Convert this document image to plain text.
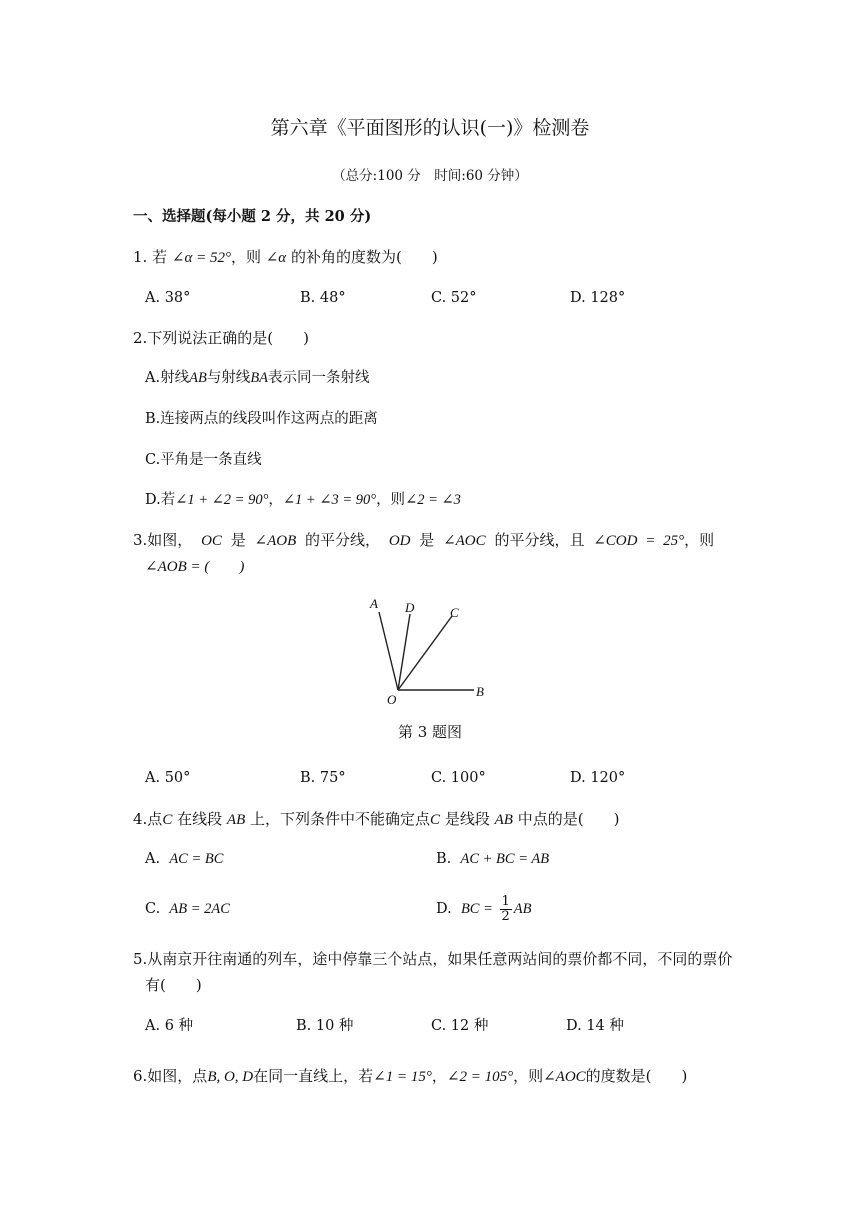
第六章《平面图形的认识(一)》检测卷
（总分:100 分　时间:60 分钟）
一、选择题(每小题 2 分，共 20 分)
1. 若 ∠α = 52°，则 ∠α 的补角的度数为(　　)
A. 38°	B. 48°	C. 52°	D. 128°
2.下列说法正确的是(　　)
A.射线AB与射线BA表示同一条射线
B.连接两点的线段叫作这两点的距离
C.平角是一条直线
D.若∠1 + ∠2 = 90°，∠1 + ∠3 = 90°，则∠2 = ∠3
3.如图， OC 是 ∠AOB 的平分线， OD 是 ∠AOC 的平分线，且 ∠COD = 25°，则
∠AOB = (　　)
A D	C
O
B
第 3 题图
A. 50°	B. 75°	C. 100°	D. 120°
4.点C 在线段 AB 上，下列条件中不能确定点C 是线段 AB 中点的是(　　)
A. AC = BC	B. AC + BC = AB
C. AB = 2AC	D. BC = $\frac{1}{2}$ AB
5.从南京开往南通的列车，途中停靠三个站点，如果任意两站间的票价都不同，不同的票价
有(　　)
A. 6 种	B. 10 种	C. 12 种	D. 14 种
6.如图，点B, O, D在同一直线上，若∠1 = 15°，∠2 = 105°，则∠AOC的度数是(　　)
